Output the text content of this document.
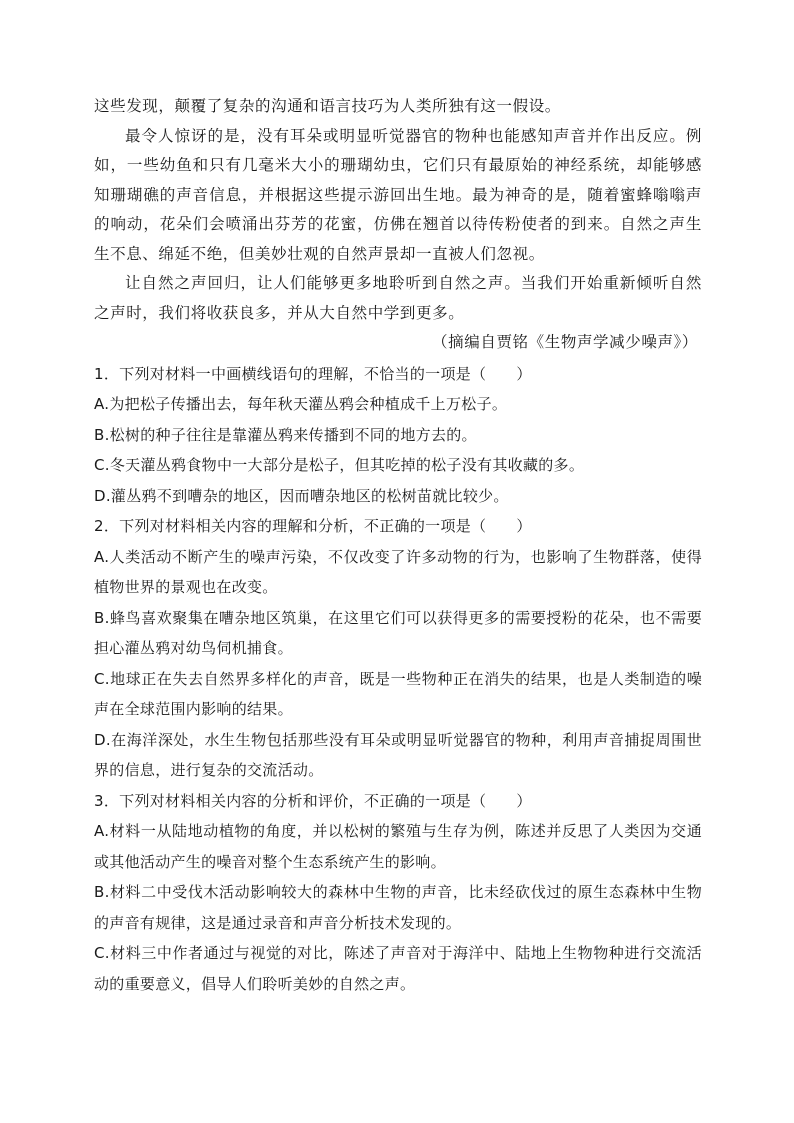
这些发现，颠覆了复杂的沟通和语言技巧为人类所独有这一假设。

最令人惊讶的是，没有耳朵或明显听觉器官的物种也能感知声音并作出反应。例如，一些幼鱼和只有几毫米大小的珊瑚幼虫，它们只有最原始的神经系统，却能够感知珊瑚礁的声音信息，并根据这些提示游回出生地。最为神奇的是，随着蜜蜂嗡嗡声的响动，花朵们会喷涌出芬芳的花蜜，仿佛在翘首以待传粉使者的到来。自然之声生生不息、绵延不绝，但美妙壮观的自然声景却一直被人们忽视。

让自然之声回归，让人们能够更多地聆听到自然之声。当我们开始重新倾听自然之声时，我们将收获良多，并从大自然中学到更多。

（摘编自贾铭《生物声学减少噪声》）

1．下列对材料一中画横线语句的理解，不恰当的一项是（ ）

A.为把松子传播出去，每年秋天灌丛鸦会种植成千上万松子。

B.松树的种子往往是靠灌丛鸦来传播到不同的地方去的。

C.冬天灌丛鸦食物中一大部分是松子，但其吃掉的松子没有其收藏的多。

D.灌丛鸦不到嘈杂的地区，因而嘈杂地区的松树苗就比较少。

2．下列对材料相关内容的理解和分析，不正确的一项是（ ）

A.人类活动不断产生的噪声污染，不仅改变了许多动物的行为，也影响了生物群落，使得植物世界的景观也在改变。

B.蜂鸟喜欢聚集在嘈杂地区筑巢，在这里它们可以获得更多的需要授粉的花朵，也不需要担心灌丛鸦对幼鸟伺机捕食。

C.地球正在失去自然界多样化的声音，既是一些物种正在消失的结果，也是人类制造的噪声在全球范围内影响的结果。

D.在海洋深处，水生生物包括那些没有耳朵或明显听觉器官的物种，利用声音捕捉周围世界的信息，进行复杂的交流活动。

3．下列对材料相关内容的分析和评价，不正确的一项是（ ）

A.材料一从陆地动植物的角度，并以松树的繁殖与生存为例，陈述并反思了人类因为交通或其他活动产生的噪音对整个生态系统产生的影响。

B.材料二中受伐木活动影响较大的森林中生物的声音，比未经砍伐过的原生态森林中生物的声音有规律，这是通过录音和声音分析技术发现的。

C.材料三中作者通过与视觉的对比，陈述了声音对于海洋中、陆地上生物物种进行交流活动的重要意义，倡导人们聆听美妙的自然之声。
